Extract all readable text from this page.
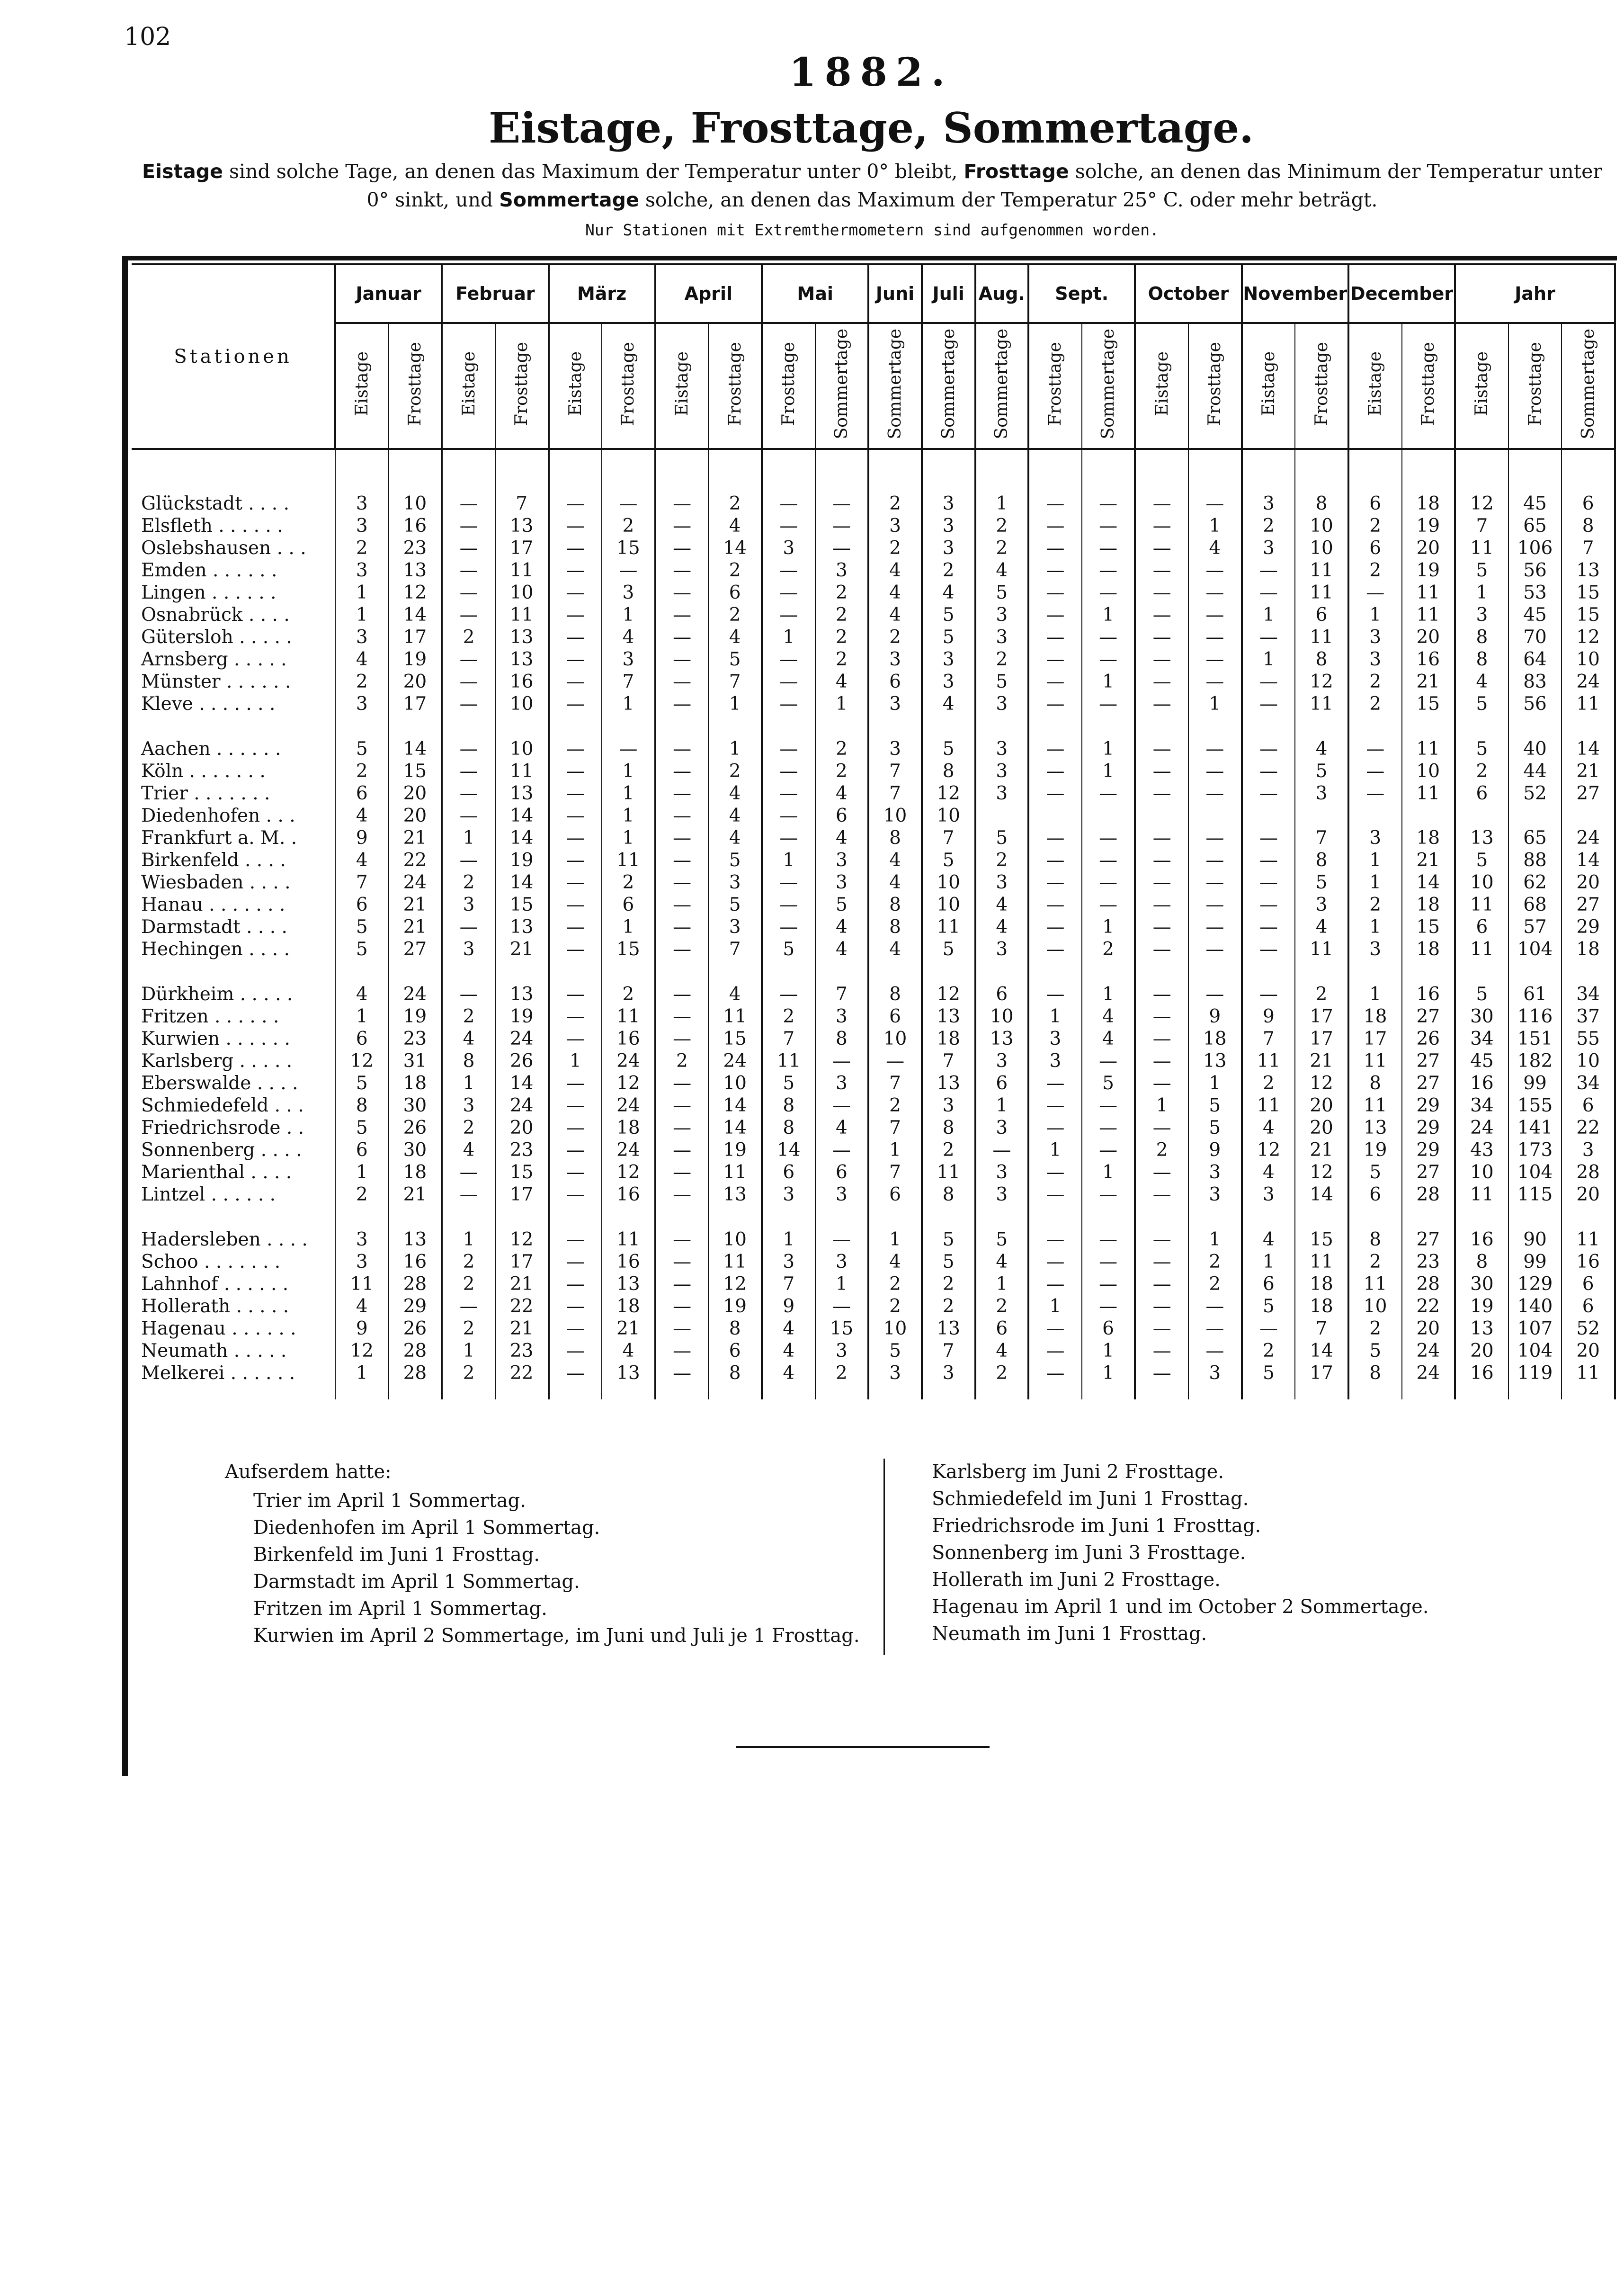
102
1882.
Eistage, Frosttage, Sommertage.
Eistage sind solche Tage, an denen das Maximum der Temperatur unter 0° bleibt, Frosttage solche, an denen das Minimum der Temperatur unter 0° sinkt, und Sommertage solche, an denen das Maximum der Temperatur 25° C. oder mehr beträgt.
Nur Stationen mit Extremthermometern sind aufgenommen worden.
Stationen	Januar		Februar		März		April		Mai		Juni	Juli	Aug.	Sept.		October		November		December		Jahr		
	Eistage	Frosttage	Eistage	Frosttage	Eistage	Frosttage	Eistage	Frosttage	Frosttage	Sommertage	Sommertage	Sommertage	Sommertage	Frosttage	Sommertage	Eistage	Frosttage	Eistage	Frosttage	Eistage	Frosttage	Eistage	Frosttage	Sommertage

Glückstadt . . . .	3	10	—	7	—	—	—	2	—	—	2	3	1	—	—	—	—	3	8	6	18	12	45	6
Elsfleth . . . . . .	3	16	—	13	—	2	—	4	—	—	3	3	2	—	—	—	1	2	10	2	19	7	65	8
Oslebshausen . . .	2	23	—	17	—	15	—	14	3	—	2	3	2	—	—	—	4	3	10	6	20	11	106	7
Emden . . . . . .	3	13	—	11	—	—	—	2	—	3	4	2	4	—	—	—	—	—	11	2	19	5	56	13
Lingen . . . . . .	1	12	—	10	—	3	—	6	—	2	4	4	5	—	—	—	—	—	11	—	11	1	53	15
Osnabrück . . . .	1	14	—	11	—	1	—	2	—	2	4	5	3	—	1	—	—	1	6	1	11	3	45	15
Gütersloh . . . . .	3	17	2	13	—	4	—	4	1	2	2	5	3	—	—	—	—	—	11	3	20	8	70	12
Arnsberg . . . . .	4	19	—	13	—	3	—	5	—	2	3	3	2	—	—	—	—	1	8	3	16	8	64	10
Münster . . . . . .	2	20	—	16	—	7	—	7	—	4	6	3	5	—	1	—	—	—	12	2	21	4	83	24
Kleve . . . . . . .	3	17	—	10	—	1	—	1	—	1	3	4	3	—	—	—	1	—	11	2	15	5	56	11

Aachen . . . . . .	5	14	—	10	—	—	—	1	—	2	3	5	3	—	1	—	—	—	4	—	11	5	40	14
Köln . . . . . . .	2	15	—	11	—	1	—	2	—	2	7	8	3	—	1	—	—	—	5	—	10	2	44	21
Trier . . . . . . .	6	20	—	13	—	1	—	4	—	4	7	12	3	—	—	—	—	—	3	—	11	6	52	27
Diedenhofen . . .	4	20	—	14	—	1	—	4	—	6	10	10												
Frankfurt a. M. .	9	21	1	14	—	1	—	4	—	4	8	7	5	—	—	—	—	—	7	3	18	13	65	24
Birkenfeld . . . .	4	22	—	19	—	11	—	5	1	3	4	5	2	—	—	—	—	—	8	1	21	5	88	14
Wiesbaden . . . .	7	24	2	14	—	2	—	3	—	3	4	10	3	—	—	—	—	—	5	1	14	10	62	20
Hanau . . . . . . .	6	21	3	15	—	6	—	5	—	5	8	10	4	—	—	—	—	—	3	2	18	11	68	27
Darmstadt . . . .	5	21	—	13	—	1	—	3	—	4	8	11	4	—	1	—	—	—	4	1	15	6	57	29
Hechingen . . . .	5	27	3	21	—	15	—	7	5	4	4	5	3	—	2	—	—	—	11	3	18	11	104	18

Dürkheim . . . . .	4	24	—	13	—	2	—	4	—	7	8	12	6	—	1	—	—	—	2	1	16	5	61	34
Fritzen . . . . . .	1	19	2	19	—	11	—	11	2	3	6	13	10	1	4	—	9	9	17	18	27	30	116	37
Kurwien . . . . . .	6	23	4	24	—	16	—	15	7	8	10	18	13	3	4	—	18	7	17	17	26	34	151	55
Karlsberg . . . . .	12	31	8	26	1	24	2	24	11	—	—	7	3	3	—	—	13	11	21	11	27	45	182	10
Eberswalde . . . .	5	18	1	14	—	12	—	10	5	3	7	13	6	—	5	—	1	2	12	8	27	16	99	34
Schmiedefeld . . .	8	30	3	24	—	24	—	14	8	—	2	3	1	—	—	1	5	11	20	11	29	34	155	6
Friedrichsrode . .	5	26	2	20	—	18	—	14	8	4	7	8	3	—	—	—	5	4	20	13	29	24	141	22
Sonnenberg . . . .	6	30	4	23	—	24	—	19	14	—	1	2	—	1	—	2	9	12	21	19	29	43	173	3
Marienthal . . . .	1	18	—	15	—	12	—	11	6	6	7	11	3	—	1	—	3	4	12	5	27	10	104	28
Lintzel . . . . . .	2	21	—	17	—	16	—	13	3	3	6	8	3	—	—	—	3	3	14	6	28	11	115	20

Hadersleben . . . .	3	13	1	12	—	11	—	10	1	—	1	5	5	—	—	—	1	4	15	8	27	16	90	11
Schoo . . . . . . .	3	16	2	17	—	16	—	11	3	3	4	5	4	—	—	—	2	1	11	2	23	8	99	16
Lahnhof . . . . . .	11	28	2	21	—	13	—	12	7	1	2	2	1	—	—	—	2	6	18	11	28	30	129	6
Hollerath . . . . .	4	29	—	22	—	18	—	19	9	—	2	2	2	1	—	—	—	5	18	10	22	19	140	6
Hagenau . . . . . .	9	26	2	21	—	21	—	8	4	15	10	13	6	—	6	—	—	—	7	2	20	13	107	52
Neumath . . . . .	12	28	1	23	—	4	—	6	4	3	5	7	4	—	1	—	—	2	14	5	24	20	104	20
Melkerei . . . . . .	1	28	2	22	—	13	—	8	4	2	3	3	2	—	1	—	3	5	17	8	24	16	119	11

Aufserdem hatte:
Trier im April 1 Sommertag.
Diedenhofen im April 1 Sommertag.
Birkenfeld im Juni 1 Frosttag.
Darmstadt im April 1 Sommertag.
Fritzen im April 1 Sommertag.
Kurwien im April 2 Sommertage, im Juni und Juli je 1 Frosttag.
Karlsberg im Juni 2 Frosttage.
Schmiedefeld im Juni 1 Frosttag.
Friedrichsrode im Juni 1 Frosttag.
Sonnenberg im Juni 3 Frosttage.
Hollerath im Juni 2 Frosttage.
Hagenau im April 1 und im October 2 Sommertage.
Neumath im Juni 1 Frosttag.
